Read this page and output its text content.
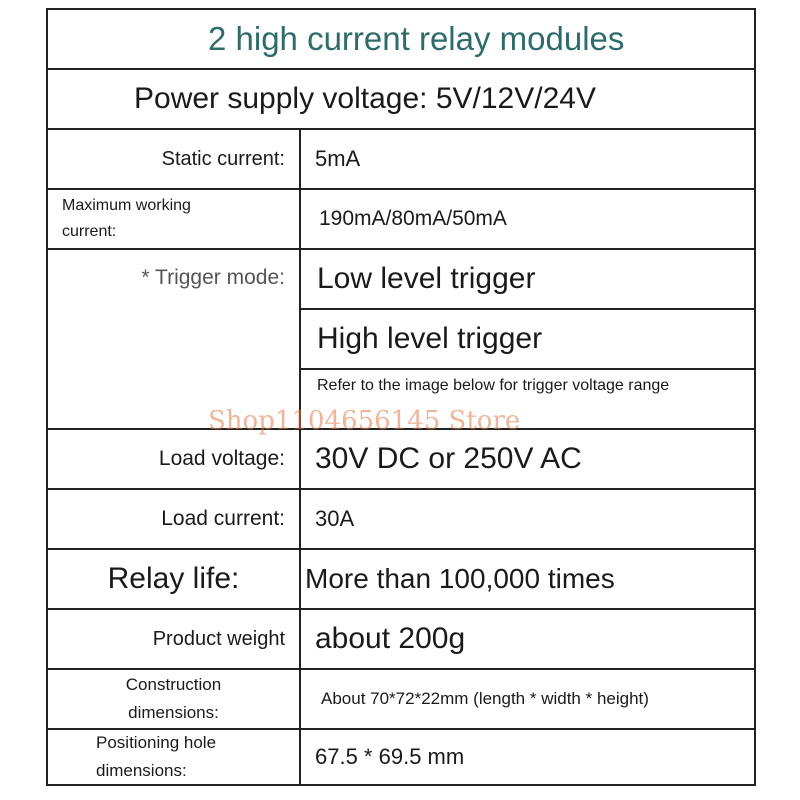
2 high current relay modules
Power supply voltage: 5V/12V/24V
Static current:	5mA
Maximum working current:
190mA/80mA/50mA
* Trigger mode:	Low level trigger
High level trigger
Refer to the image below for trigger voltage range
Load voltage:	30V DC or 250V AC
Load current:	30A
Relay life:	More than 100,000 times
Product weight	about 200g
Construction dimensions:
About 70*72*22mm (length * width * height)
Positioning hole dimensions:
67.5 * 69.5 mm
Shop1104656145 Store
